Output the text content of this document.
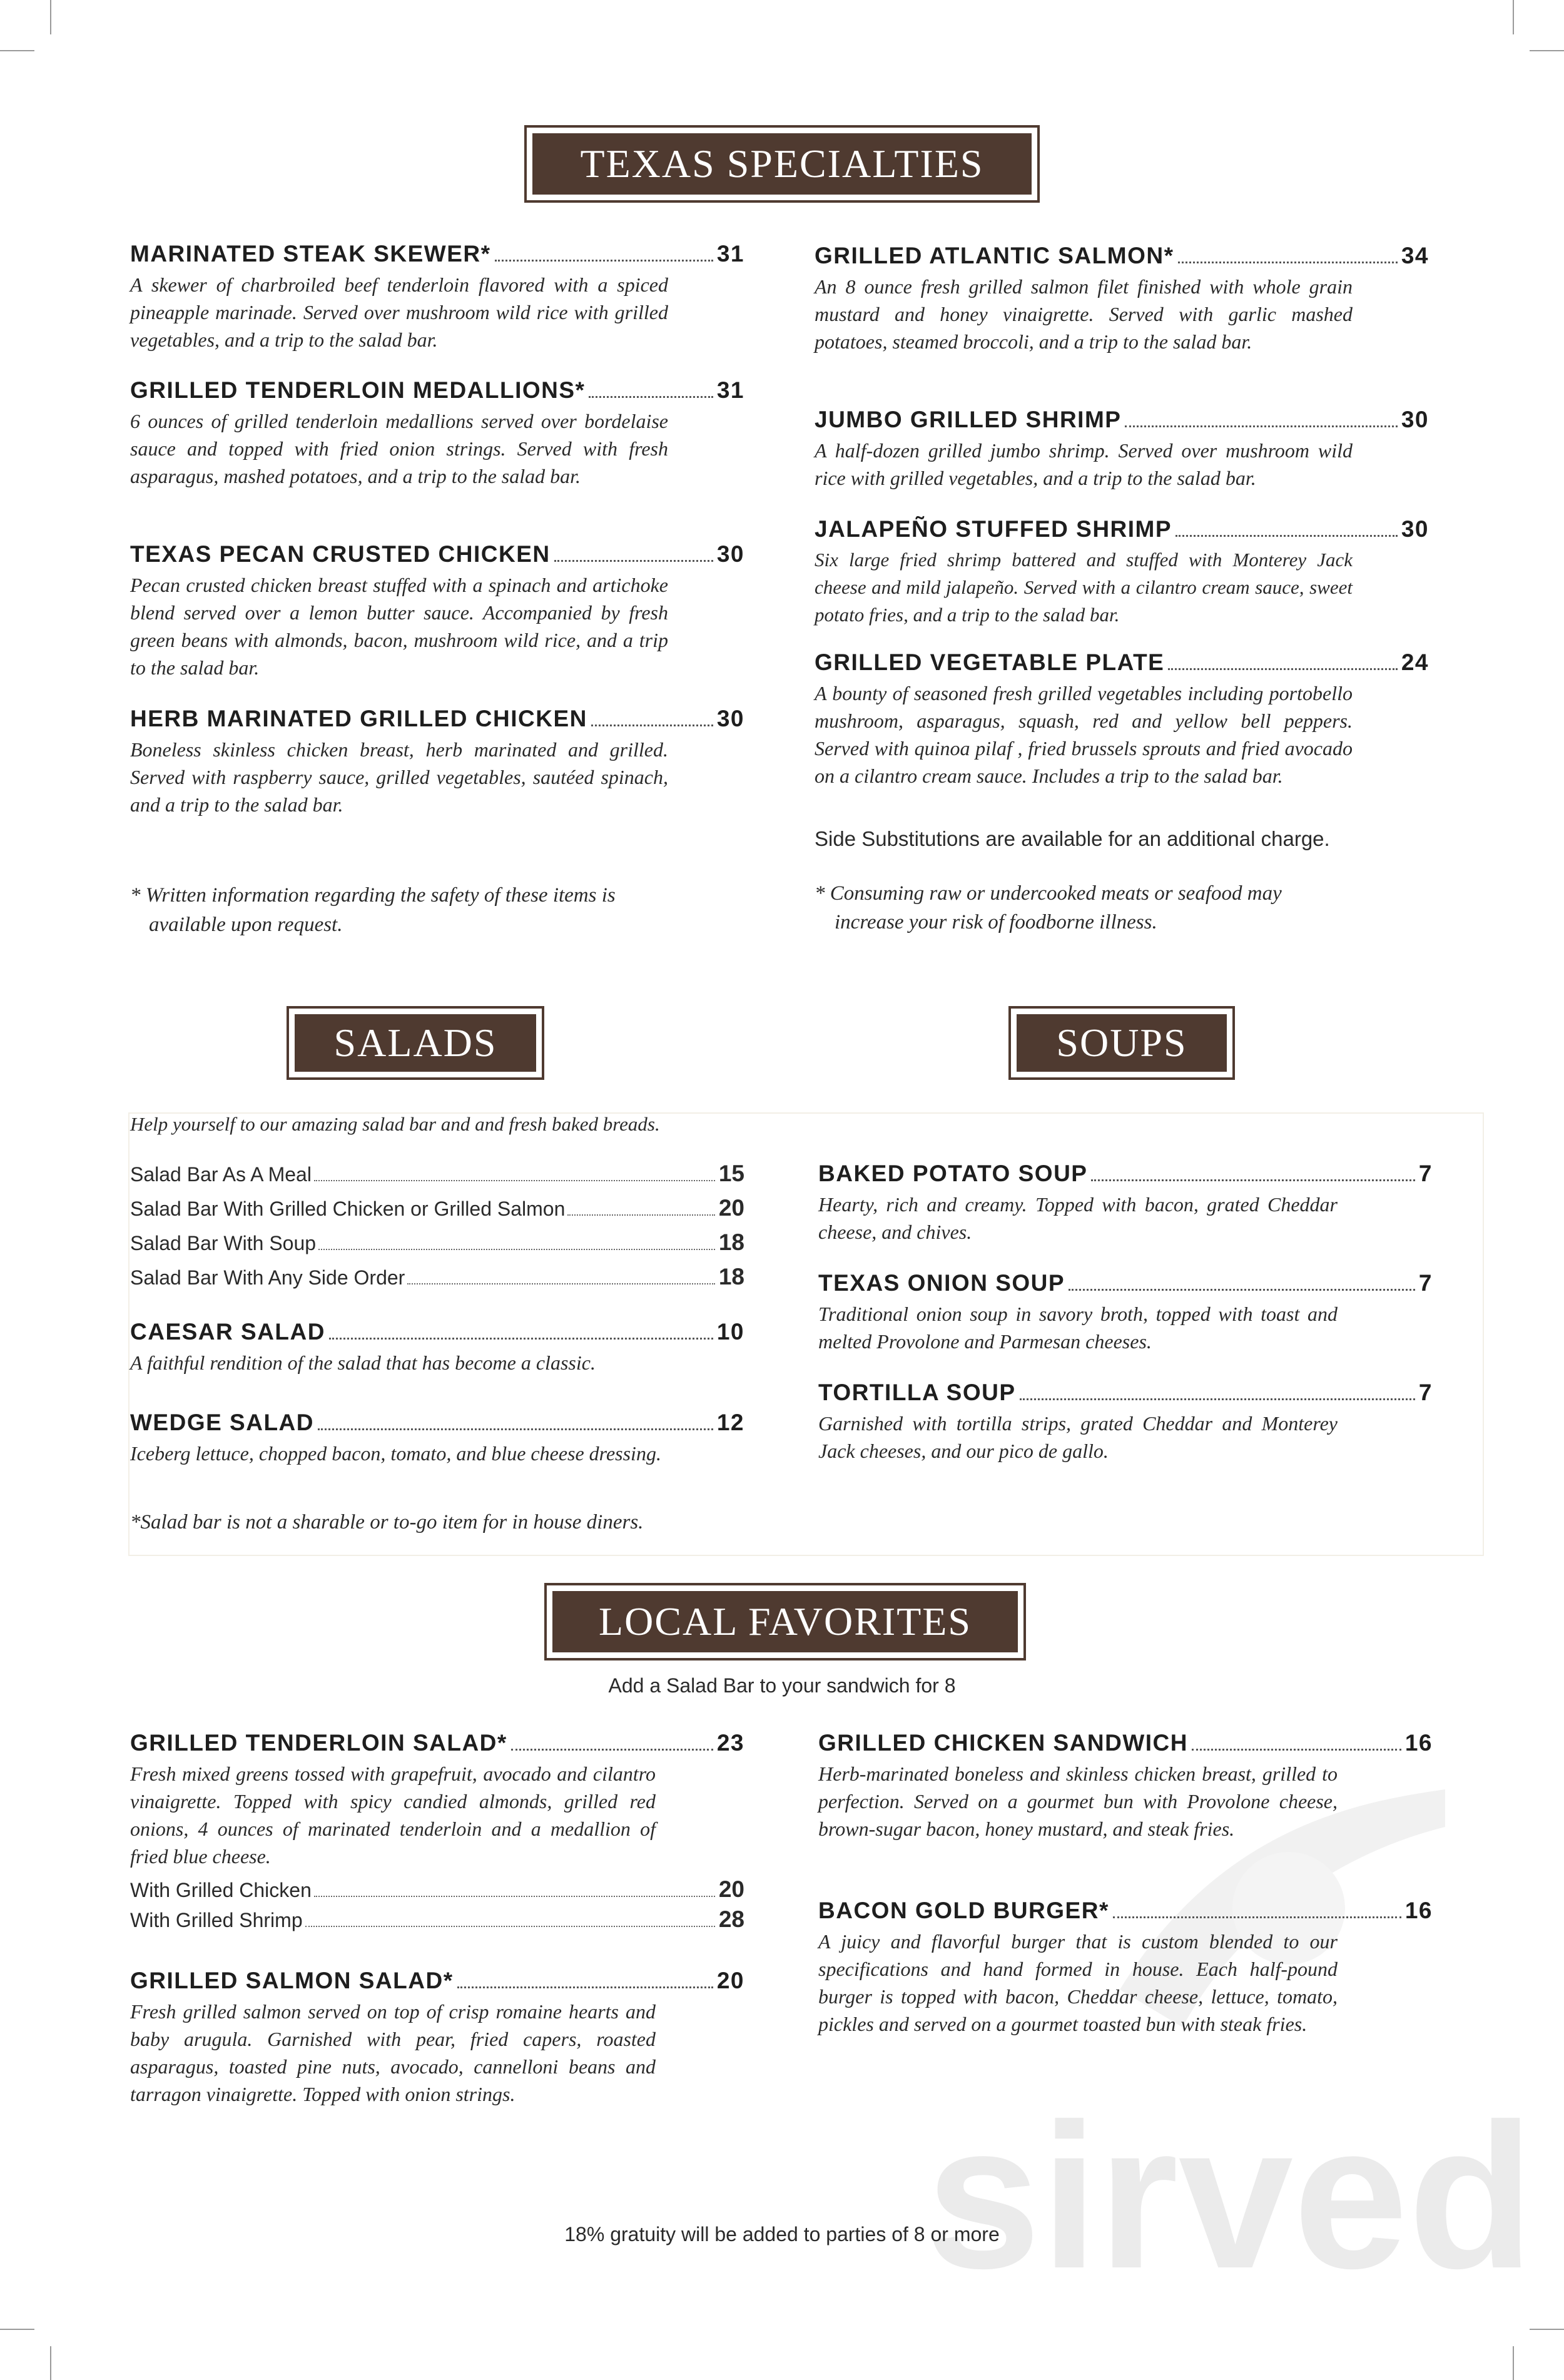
sirved
TEXAS SPECIALTIES
MARINATED STEAK SKEWER*	31
A skewer of charbroiled beef tenderloin flavored with a spiced pineapple marinade. Served over mushroom wild rice with grilled vegetables, and a trip to the salad bar.
GRILLED TENDERLOIN MEDALLIONS*	31
6 ounces of grilled tenderloin medallions served over bordelaise sauce and topped with fried onion strings. Served with fresh asparagus, mashed potatoes, and a trip to the salad bar.
TEXAS PECAN CRUSTED CHICKEN	30
Pecan crusted chicken breast stuffed with a spinach and artichoke blend served over a lemon butter sauce. Accompanied by fresh green beans with almonds, bacon, mushroom wild rice, and a trip to the salad bar.
HERB MARINATED GRILLED CHICKEN	30
Boneless skinless chicken breast, herb marinated and grilled. Served with raspberry sauce, grilled vegetables, sautéed spinach, and a trip to the salad bar.
GRILLED ATLANTIC SALMON*	34
An 8 ounce fresh grilled salmon filet finished with whole grain mustard and honey vinaigrette. Served with garlic mashed potatoes, steamed broccoli, and a trip to the salad bar.
JUMBO GRILLED SHRIMP	30
A half-dozen grilled jumbo shrimp. Served over mushroom wild rice with grilled vegetables, and a trip to the salad bar.
JALAPEÑO STUFFED SHRIMP	30
Six large fried shrimp battered and stuffed with Monterey Jack cheese and mild jalapeño. Served with a cilantro cream sauce, sweet potato fries, and a trip to the salad bar.
GRILLED VEGETABLE PLATE	24
A bounty of seasoned fresh grilled vegetables including portobello mushroom, asparagus, squash, red and yellow bell peppers. Served with quinoa pilaf , fried brussels sprouts and fried avocado on a cilantro cream sauce. Includes a trip to the salad bar.
Side Substitutions are available for an additional charge.
* Written information regarding the safety of these items is
available upon request.
* Consuming raw or undercooked meats or seafood may
increase your risk of foodborne illness.
SALADS	SOUPS
Help yourself to our amazing salad bar and and fresh baked breads.
Salad Bar As A Meal	15
Salad Bar With Grilled Chicken or Grilled Salmon	20
Salad Bar With Soup	18
Salad Bar With Any Side Order	18
CAESAR SALAD	10
A faithful rendition of the salad that has become a classic.
WEDGE SALAD	12
Iceberg lettuce, chopped bacon, tomato, and blue cheese dressing.
*Salad bar is not a sharable or to-go item for in house diners.
BAKED POTATO SOUP	7
Hearty, rich and creamy. Topped with bacon, grated Cheddar cheese, and chives.
TEXAS ONION SOUP	7
Traditional onion soup in savory broth, topped with toast and melted Provolone and Parmesan cheeses.
TORTILLA SOUP	7
Garnished with tortilla strips, grated Cheddar and Monterey Jack cheeses, and our pico de gallo.
LOCAL FAVORITES
Add a Salad Bar to your sandwich for 8
GRILLED TENDERLOIN SALAD*	23
Fresh mixed greens tossed with grapefruit, avocado and cilantro vinaigrette. Topped with spicy candied almonds, grilled red onions, 4 ounces of marinated tenderloin and a medallion of fried blue cheese.
With Grilled Chicken	20
With Grilled Shrimp	28
GRILLED SALMON SALAD*	20
Fresh grilled salmon served on top of crisp romaine hearts and baby arugula. Garnished with pear, fried capers, roasted asparagus, toasted pine nuts, avocado, cannelloni beans and tarragon vinaigrette. Topped with onion strings.
GRILLED CHICKEN SANDWICH	16
Herb-marinated boneless and skinless chicken breast, grilled to perfection. Served on a gourmet bun with Provolone cheese, brown-sugar bacon, honey mustard, and steak fries.
BACON GOLD BURGER*	16
A juicy and flavorful burger that is custom blended to our specifications and hand formed in house. Each half-pound burger is topped with bacon, Cheddar cheese, lettuce, tomato, pickles and served on a gourmet toasted bun with steak fries.
18% gratuity will be added to parties of 8 or more
